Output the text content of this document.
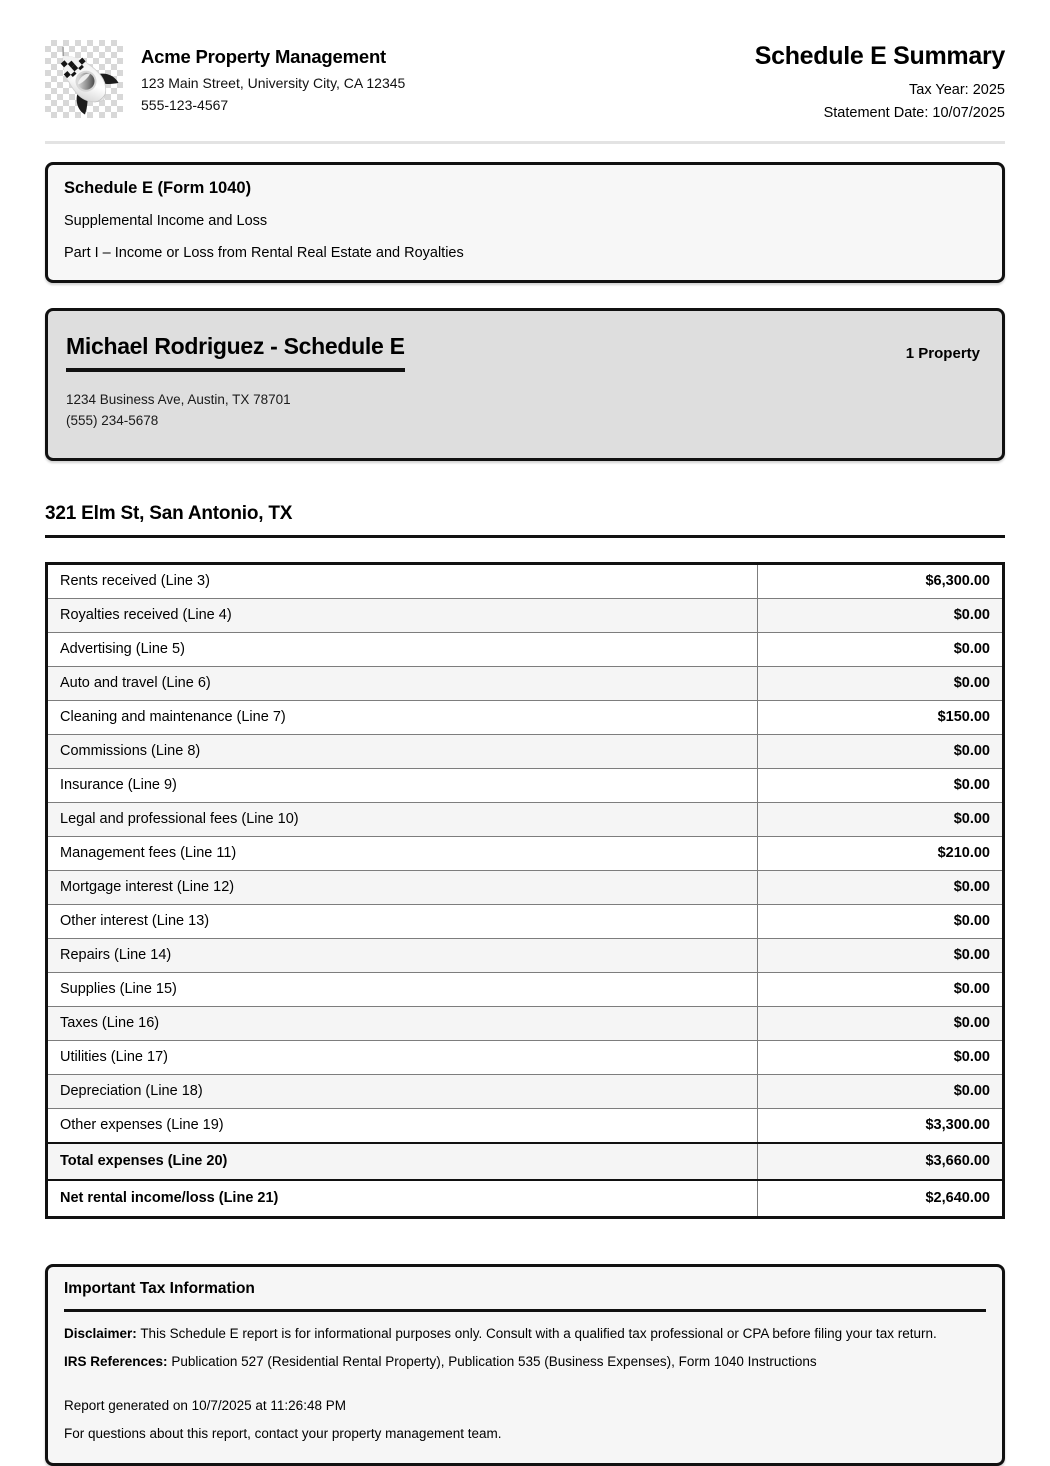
Acme Property Management
123 Main Street, University City, CA 12345
555-123-4567
Schedule E Summary
Tax Year: 2025
Statement Date: 10/07/2025
Schedule E (Form 1040)
Supplemental Income and Loss
Part I – Income or Loss from Rental Real Estate and Royalties
Michael Rodriguez - Schedule E	1 Property
1234 Business Ave, Austin, TX 78701
(555) 234-5678
321 Elm St, San Antonio, TX
Rents received (Line 3)	$6,300.00
Royalties received (Line 4)	$0.00
Advertising (Line 5)	$0.00
Auto and travel (Line 6)	$0.00
Cleaning and maintenance (Line 7)	$150.00
Commissions (Line 8)	$0.00
Insurance (Line 9)	$0.00
Legal and professional fees (Line 10)	$0.00
Management fees (Line 11)	$210.00
Mortgage interest (Line 12)	$0.00
Other interest (Line 13)	$0.00
Repairs (Line 14)	$0.00
Supplies (Line 15)	$0.00
Taxes (Line 16)	$0.00
Utilities (Line 17)	$0.00
Depreciation (Line 18)	$0.00
Other expenses (Line 19)	$3,300.00
Total expenses (Line 20)	$3,660.00
Net rental income/loss (Line 21)	$2,640.00
Important Tax Information
Disclaimer: This Schedule E report is for informational purposes only. Consult with a qualified tax professional or CPA before filing your tax return.
IRS References: Publication 527 (Residential Rental Property), Publication 535 (Business Expenses), Form 1040 Instructions
Report generated on 10/7/2025 at 11:26:48 PM
For questions about this report, contact your property management team.
